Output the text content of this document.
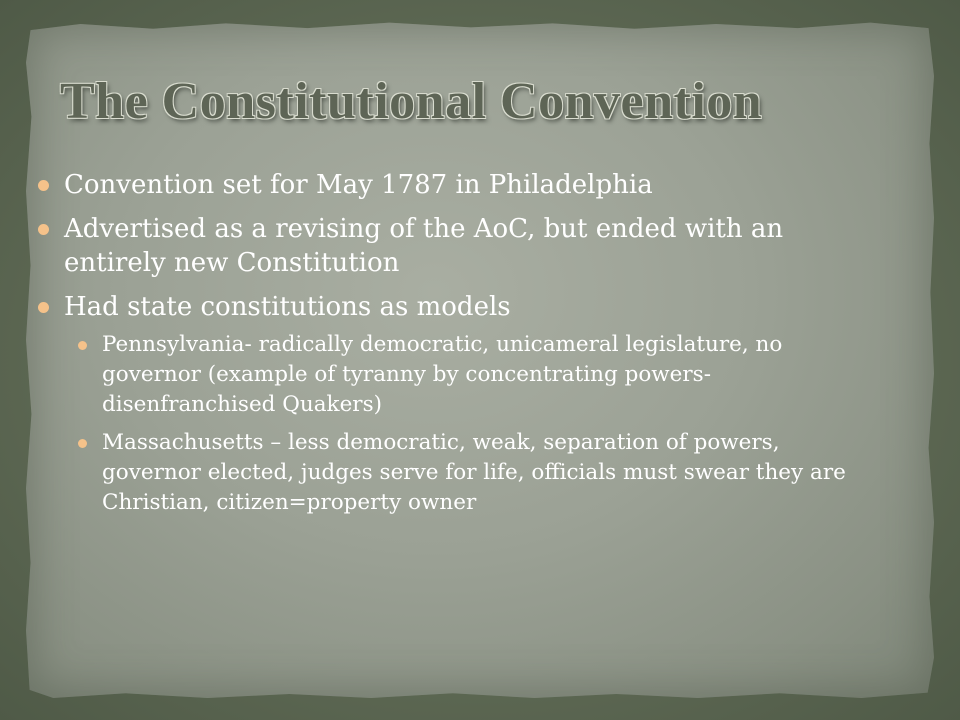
The Constitutional Convention
Convention set for May 1787 in Philadelphia
Advertised as a revising of the AoC, but ended with an entirely new Constitution
Had state constitutions as models
Pennsylvania- radically democratic, unicameral legislature, no governor (example of tyranny by concentrating powers- disenfranchised Quakers)
Massachusetts – less democratic, weak, separation of powers, governor elected, judges serve for life, officials must swear they are Christian, citizen=property owner
